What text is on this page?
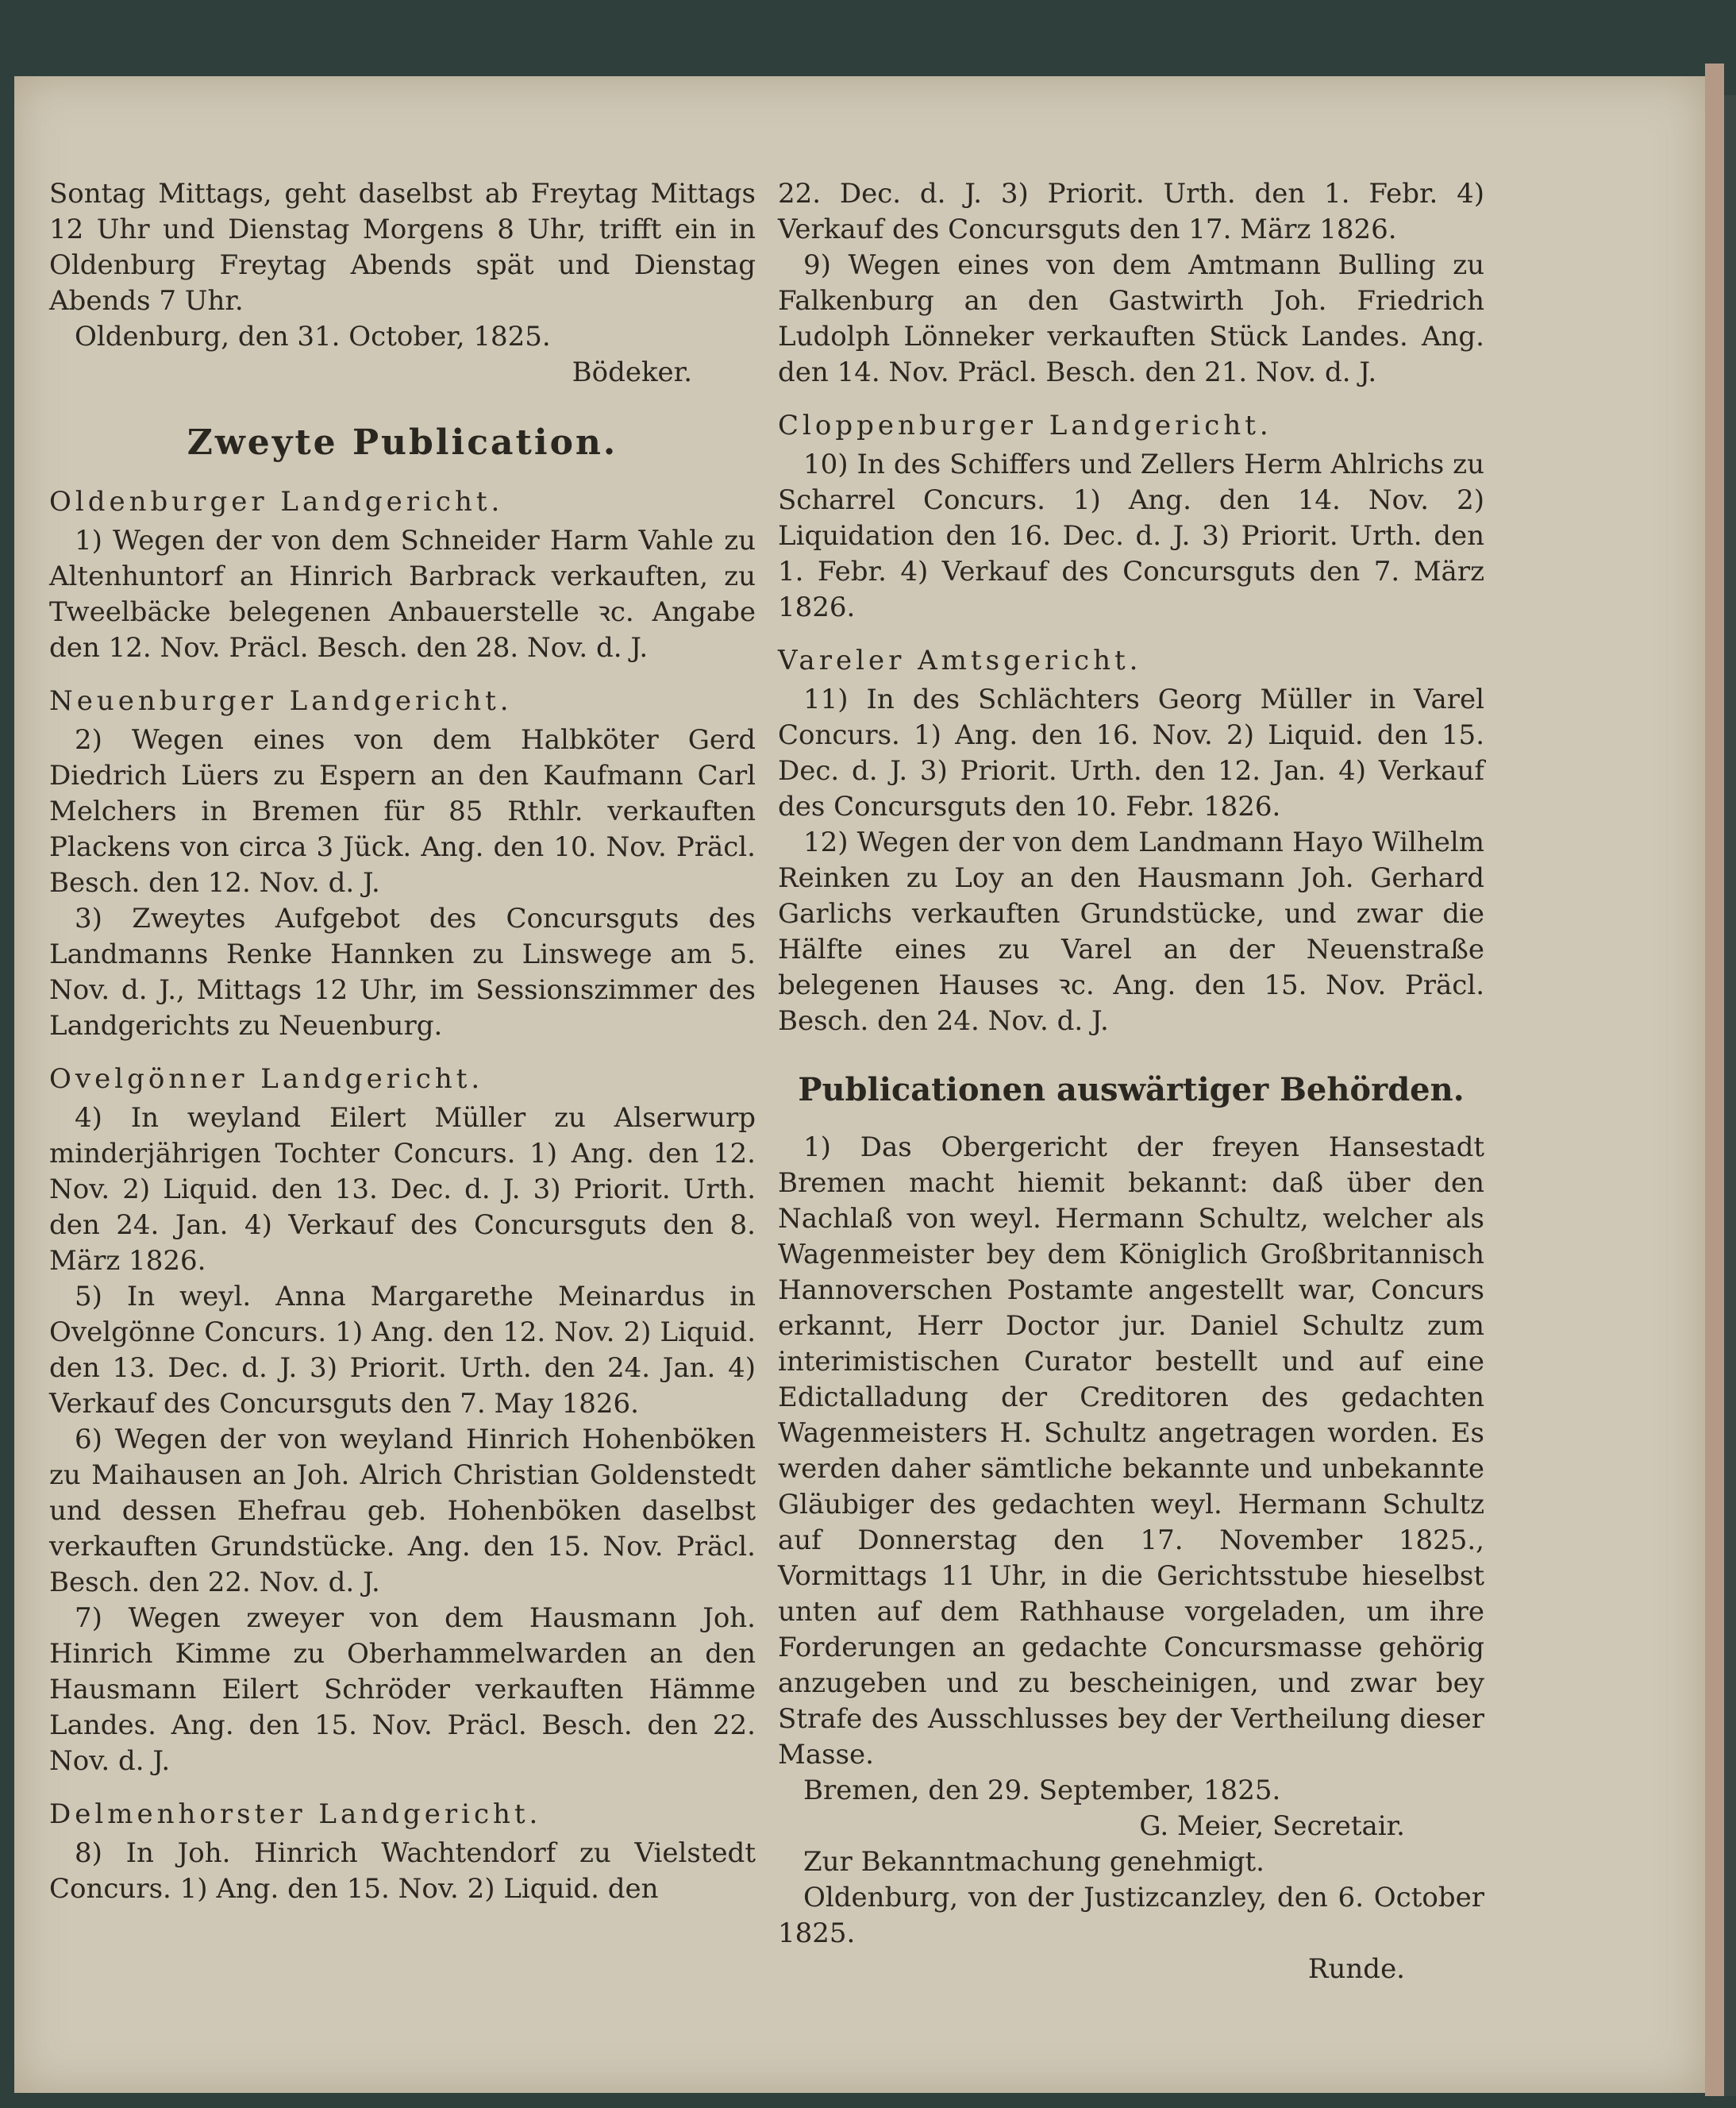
Sontag Mittags, geht daselbst ab Freytag Mittags 12 Uhr und Dienstag Morgens 8 Uhr, trifft ein in Oldenburg Freytag Abends spät und Dienstag Abends 7 Uhr.

Oldenburg, den 31. October, 1825.

Bödeker.

Zweyte Publication.

Oldenburger Landgericht.

1) Wegen der von dem Schneider Harm Vahle zu Altenhuntorf an Hinrich Barbrack verkauften, zu Tweelbäcke belegenen Anbauerstelle ꝛc. Angabe den 12. Nov. Präcl. Besch. den 28. Nov. d. J.

Neuenburger Landgericht.

2) Wegen eines von dem Halbköter Gerd Diedrich Lüers zu Espern an den Kaufmann Carl Melchers in Bremen für 85 Rthlr. verkauften Plackens von circa 3 Jück. Ang. den 10. Nov. Präcl. Besch. den 12. Nov. d. J.

3) Zweytes Aufgebot des Concursguts des Landmanns Renke Hannken zu Linswege am 5. Nov. d. J., Mittags 12 Uhr, im Sessionszimmer des Landgerichts zu Neuenburg.

Ovelgönner Landgericht.

4) In weyland Eilert Müller zu Alserwurp minderjährigen Tochter Concurs. 1) Ang. den 12. Nov. 2) Liquid. den 13. Dec. d. J. 3) Priorit. Urth. den 24. Jan. 4) Verkauf des Concursguts den 8. März 1826.

5) In weyl. Anna Margarethe Meinardus in Ovelgönne Concurs. 1) Ang. den 12. Nov. 2) Liquid. den 13. Dec. d. J. 3) Priorit. Urth. den 24. Jan. 4) Verkauf des Concursguts den 7. May 1826.

6) Wegen der von weyland Hinrich Hohenböken zu Maihausen an Joh. Alrich Christian Goldenstedt und dessen Ehefrau geb. Hohenböken daselbst verkauften Grundstücke. Ang. den 15. Nov. Präcl. Besch. den 22. Nov. d. J.

7) Wegen zweyer von dem Hausmann Joh. Hinrich Kimme zu Oberhammelwarden an den Hausmann Eilert Schröder verkauften Hämme Landes. Ang. den 15. Nov. Präcl. Besch. den 22. Nov. d. J.

Delmenhorster Landgericht.

8) In Joh. Hinrich Wachtendorf zu Vielstedt Concurs. 1) Ang. den 15. Nov. 2) Liquid. den

22. Dec. d. J. 3) Priorit. Urth. den 1. Febr. 4) Verkauf des Concursguts den 17. März 1826.

9) Wegen eines von dem Amtmann Bulling zu Falkenburg an den Gastwirth Joh. Friedrich Ludolph Lönneker verkauften Stück Landes. Ang. den 14. Nov. Präcl. Besch. den 21. Nov. d. J.

Cloppenburger Landgericht.

10) In des Schiffers und Zellers Herm Ahlrichs zu Scharrel Concurs. 1) Ang. den 14. Nov. 2) Liquidation den 16. Dec. d. J. 3) Priorit. Urth. den 1. Febr. 4) Verkauf des Concursguts den 7. März 1826.

Vareler Amtsgericht.

11) In des Schlächters Georg Müller in Varel Concurs. 1) Ang. den 16. Nov. 2) Liquid. den 15. Dec. d. J. 3) Priorit. Urth. den 12. Jan. 4) Verkauf des Concursguts den 10. Febr. 1826.

12) Wegen der von dem Landmann Hayo Wilhelm Reinken zu Loy an den Hausmann Joh. Gerhard Garlichs verkauften Grundstücke, und zwar die Hälfte eines zu Varel an der Neuenstraße belegenen Hauses ꝛc. Ang. den 15. Nov. Präcl. Besch. den 24. Nov. d. J.

Publicationen auswärtiger Behörden.

1) Das Obergericht der freyen Hansestadt Bremen macht hiemit bekannt: daß über den Nachlaß von weyl. Hermann Schultz, welcher als Wagenmeister bey dem Königlich Großbritannisch Hannoverschen Postamte angestellt war, Concurs erkannt, Herr Doctor jur. Daniel Schultz zum interimistischen Curator bestellt und auf eine Edictalladung der Creditoren des gedachten Wagenmeisters H. Schultz angetragen worden. Es werden daher sämtliche bekannte und unbekannte Gläubiger des gedachten weyl. Hermann Schultz auf Donnerstag den 17. November 1825., Vormittags 11 Uhr, in die Gerichtsstube hieselbst unten auf dem Rathhause vorgeladen, um ihre Forderungen an gedachte Concursmasse gehörig anzugeben und zu bescheinigen, und zwar bey Strafe des Ausschlusses bey der Vertheilung dieser Masse.

Bremen, den 29. September, 1825.

G. Meier, Secretair.

Zur Bekanntmachung genehmigt.

Oldenburg, von der Justizcanzley, den 6. October 1825.

Runde.
